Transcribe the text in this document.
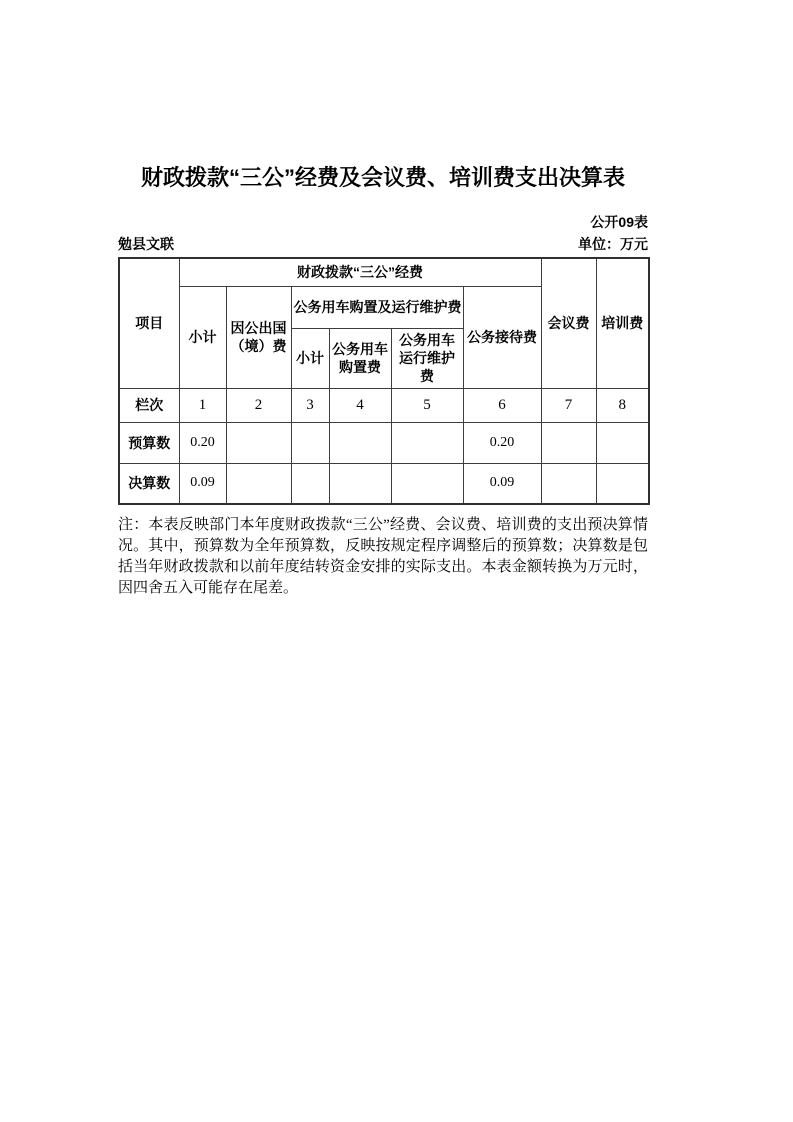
财政拨款“三公”经费及会议费、培训费支出决算表
公开09表
勉县文联	单位：万元
项目	财政拨款“三公”经费						会议费	培训费
	小计	因公出国（境）费	公务用车购置及运行维护费			公务接待费		
			小计	公务用车购置费	公务用车运行维护费			
栏次	1	2	3	4	5	6	7	8
预算数	0.20					0.20		
决算数	0.09					0.09		
注：本表反映部门本年度财政拨款“三公”经费、会议费、培训费的支出预决算情况。其中，预算数为全年预算数，反映按规定程序调整后的预算数；决算数是包括当年财政拨款和以前年度结转资金安排的实际支出。本表金额转换为万元时，因四舍五入可能存在尾差。
